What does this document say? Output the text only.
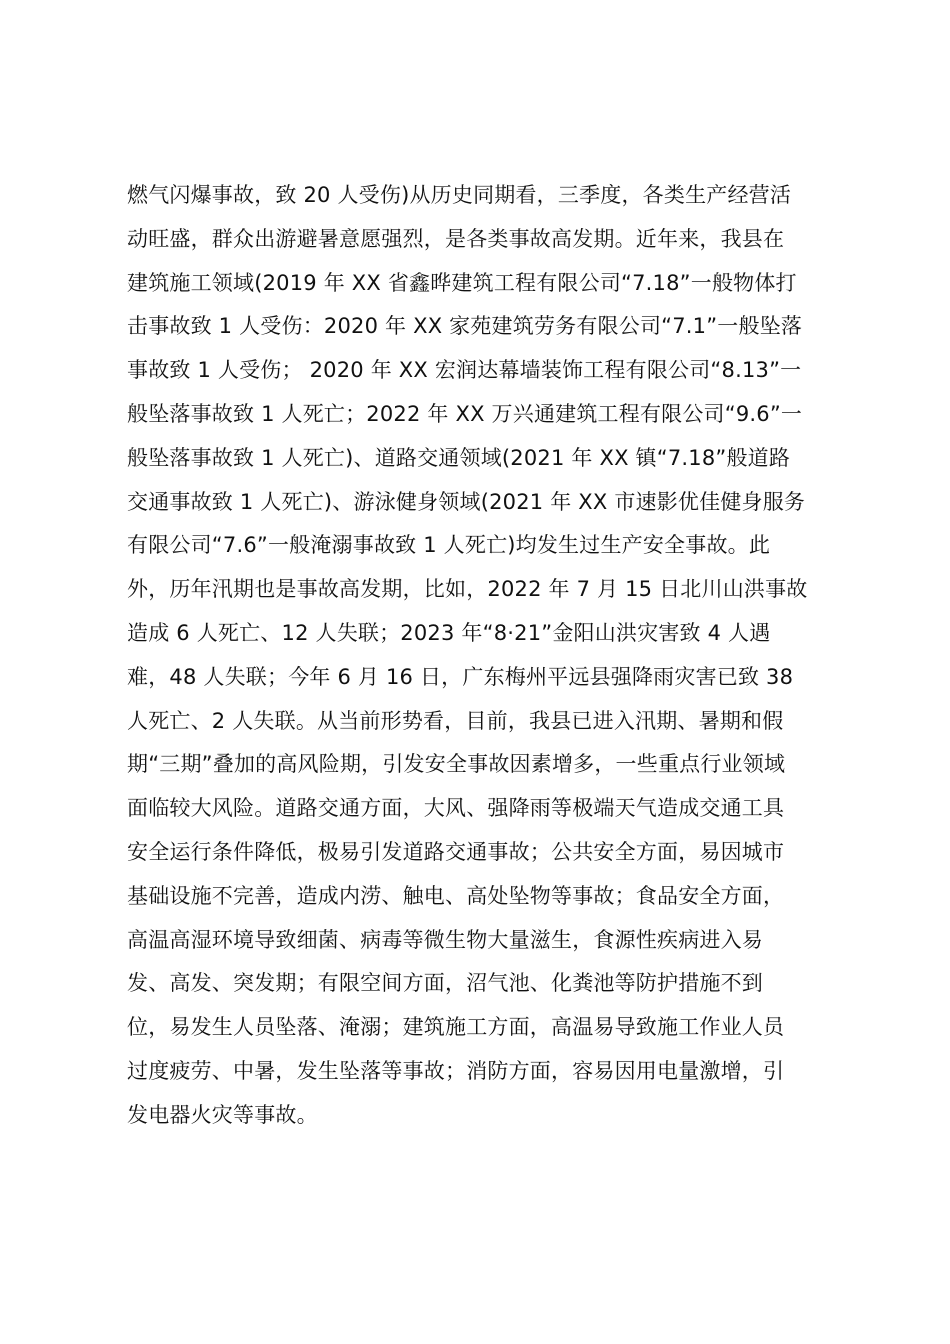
燃气闪爆事故，致 20 人受伤)从历史同期看，三季度，各类生产经营活
动旺盛，群众出游避暑意愿强烈，是各类事故高发期。近年来，我县在
建筑施工领域(2019 年 XX 省鑫晔建筑工程有限公司“7.18”一般物体打
击事故致 1 人受伤：2020 年 XX 家苑建筑劳务有限公司“7.1”一般坠落
事故致 1 人受伤； 2020 年 XX 宏润达幕墙装饰工程有限公司“8.13”一
般坠落事故致 1 人死亡；2022 年 XX 万兴通建筑工程有限公司“9.6”一
般坠落事故致 1 人死亡)、道路交通领域(2021 年 XX 镇“7.18”般道路
交通事故致 1 人死亡)、游泳健身领域(2021 年 XX 市速影优佳健身服务
有限公司“7.6”一般淹溺事故致 1 人死亡)均发生过生产安全事故。此
外，历年汛期也是事故高发期，比如，2022 年 7 月 15 日北川山洪事故
造成 6 人死亡、12 人失联；2023 年“8·21”金阳山洪灾害致 4 人遇
难，48 人失联；今年 6 月 16 日，广东梅州平远县强降雨灾害已致 38
人死亡、2 人失联。从当前形势看，目前，我县已进入汛期、暑期和假
期“三期”叠加的高风险期，引发安全事故因素增多，一些重点行业领域
面临较大风险。道路交通方面，大风、强降雨等极端天气造成交通工具
安全运行条件降低，极易引发道路交通事故；公共安全方面，易因城市
基础设施不完善，造成内涝、触电、高处坠物等事故；食品安全方面，
高温高湿环境导致细菌、病毒等微生物大量滋生，食源性疾病进入易
发、高发、突发期；有限空间方面，沼气池、化粪池等防护措施不到
位，易发生人员坠落、淹溺；建筑施工方面，高温易导致施工作业人员
过度疲劳、中暑，发生坠落等事故；消防方面，容易因用电量激增，引
发电器火灾等事故。
